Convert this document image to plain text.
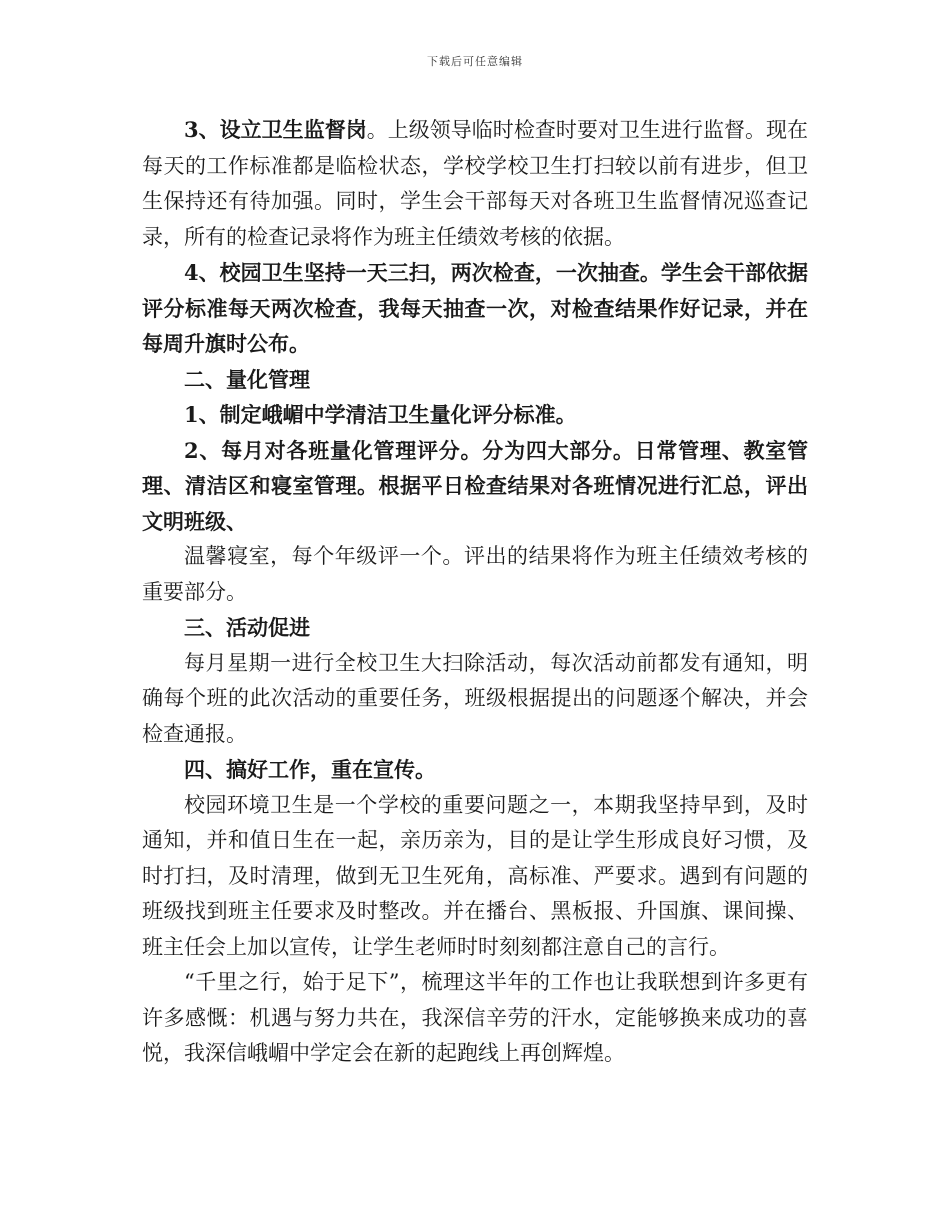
下载后可任意编辑

3、设立卫生监督岗。上级领导临时检查时要对卫生进行监督。现在每天的工作标准都是临检状态，学校学校卫生打扫较以前有进步，但卫生保持还有待加强。同时，学生会干部每天对各班卫生监督情况巡查记录，所有的检查记录将作为班主任绩效考核的依据。

4、校园卫生坚持一天三扫，两次检查，一次抽查。学生会干部依据评分标准每天两次检查，我每天抽查一次，对检查结果作好记录，并在每周升旗时公布。

二、量化管理

1、制定峨嵋中学清洁卫生量化评分标准。

2、每月对各班量化管理评分。分为四大部分。日常管理、教室管理、清洁区和寝室管理。根据平日检查结果对各班情况进行汇总，评出文明班级、

温馨寝室，每个年级评一个。评出的结果将作为班主任绩效考核的重要部分。

三、活动促进

每月星期一进行全校卫生大扫除活动，每次活动前都发有通知，明确每个班的此次活动的重要任务，班级根据提出的问题逐个解决，并会检查通报。

四、搞好工作，重在宣传。

校园环境卫生是一个学校的重要问题之一，本期我坚持早到，及时通知，并和值日生在一起，亲历亲为，目的是让学生形成良好习惯，及时打扫，及时清理，做到无卫生死角，高标准、严要求。遇到有问题的班级找到班主任要求及时整改。并在播台、黑板报、升国旗、课间操、班主任会上加以宣传，让学生老师时时刻刻都注意自己的言行。

“千里之行，始于足下”，梳理这半年的工作也让我联想到许多更有许多感慨：机遇与努力共在，我深信辛劳的汗水，定能够换来成功的喜悦，我深信峨嵋中学定会在新的起跑线上再创辉煌。
